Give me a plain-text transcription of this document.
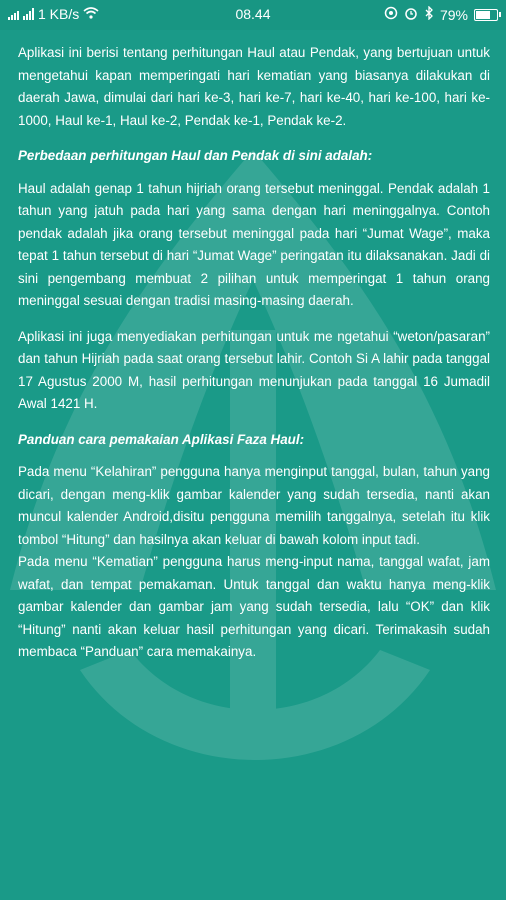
1 KB/s	08.44	79%

Aplikasi ini berisi tentang perhitungan Haul atau Pendak, yang bertujuan untuk mengetahui kapan memperingati hari kematian yang biasanya dilakukan di daerah Jawa, dimulai dari hari ke-3, hari ke-7, hari ke-40, hari ke-100, hari ke-1000, Haul ke-1, Haul ke-2, Pendak ke-1, Pendak ke-2.

Perbedaan perhitungan Haul dan Pendak di sini adalah:

Haul adalah genap 1 tahun hijriah orang tersebut meninggal. Pendak adalah 1 tahun yang jatuh pada hari yang sama dengan hari meninggalnya. Contoh pendak adalah jika orang tersebut meninggal pada hari “Jumat Wage”, maka tepat 1 tahun tersebut di hari “Jumat Wage” peringatan itu dilaksanakan. Jadi di sini pengembang membuat 2 pilihan untuk memperingat 1 tahun orang meninggal sesuai dengan tradisi masing-masing daerah.

Aplikasi ini juga menyediakan perhitungan untuk me ngetahui “weton/pasaran” dan tahun Hijriah pada saat orang tersebut lahir. Contoh Si A lahir pada tanggal 17 Agustus 2000 M, hasil perhitungan menunjukan pada tanggal 16 Jumadil Awal 1421 H.

Panduan cara pemakaian Aplikasi Faza Haul:

Pada menu “Kelahiran” pengguna hanya menginput tanggal, bulan, tahun yang dicari, dengan meng-klik gambar kalender yang sudah tersedia, nanti akan muncul kalender Android,disitu pengguna memilih tanggalnya, setelah itu klik tombol “Hitung” dan hasilnya akan keluar di bawah kolom input tadi.

Pada menu “Kematian” pengguna harus meng-input nama, tanggal wafat, jam wafat, dan tempat pemakaman. Untuk tanggal dan waktu hanya meng-klik gambar kalender dan gambar jam yang sudah tersedia, lalu “OK” dan klik “Hitung” nanti akan keluar hasil perhitungan yang dicari. Terimakasih sudah membaca “Panduan” cara memakainya.
